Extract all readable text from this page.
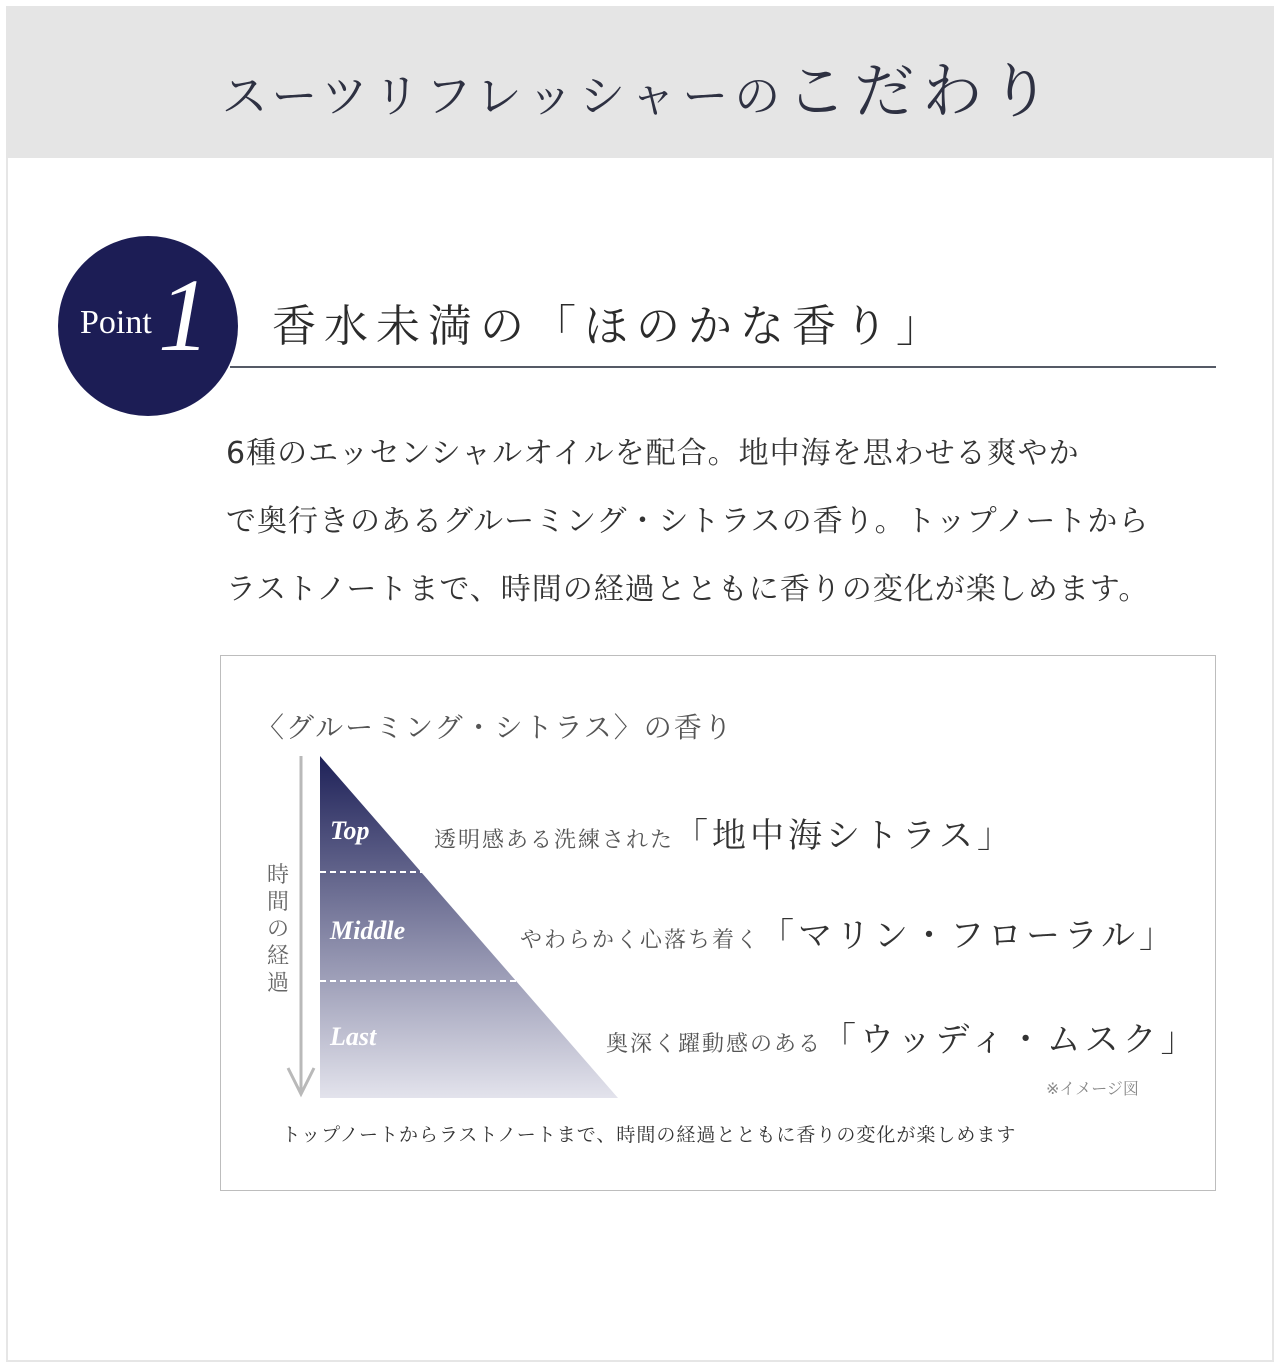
スーツリフレッシャーのこだわり
Point 1 香水未満の「ほのかな香り」
6種のエッセンシャルオイルを配合。地中海を思わせる爽やか
で奥行きのあるグルーミング・シトラスの香り。トップノートから
ラストノートまで、時間の経過とともに香りの変化が楽しめます。
〈グルーミング・シトラス〉の香り
時
間
の
経
過
Top
Middle
Last
透明感ある洗練された「地中海シトラス」
やわらかく心落ち着く「マリン・フローラル」
奥深く躍動感のある「ウッディ・ムスク」
※イメージ図
トップノートからラストノートまで、時間の経過とともに香りの変化が楽しめます
